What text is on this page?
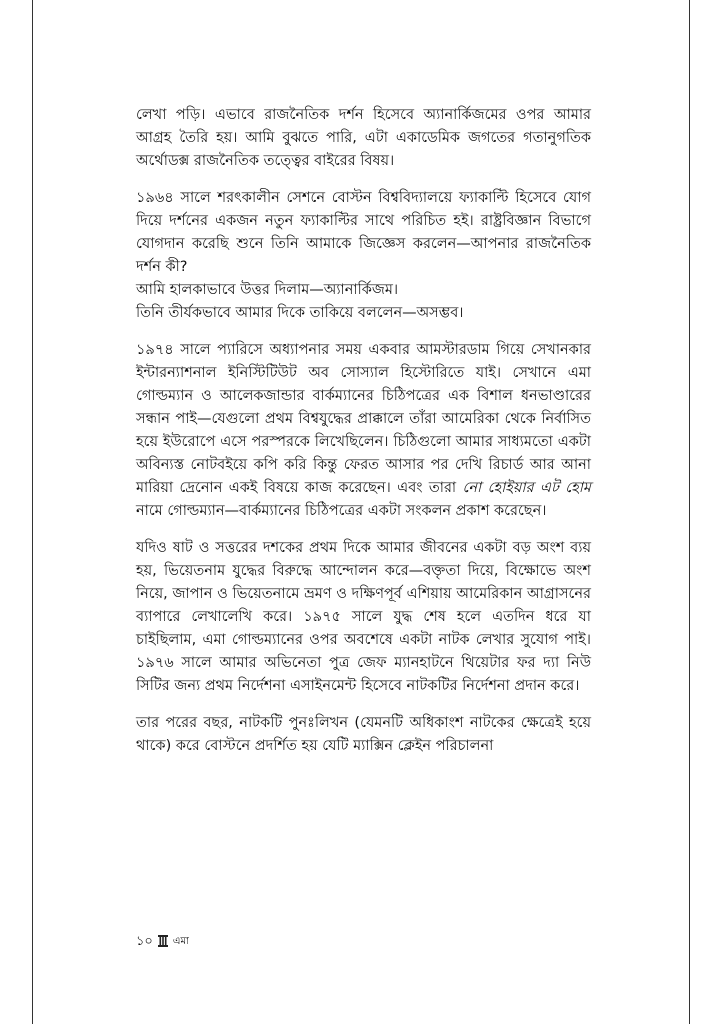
লেখা পড়ি। এভাবে রাজনৈতিক দর্শন হিসেবে অ্যানার্কিজমের ওপর আমার আগ্রহ তৈরি হয়। আমি বুঝতে পারি, এটা একাডেমিক জগতের গতানুগতিক অর্থোডক্স রাজনৈতিক তত্ত্বের বাইরের বিষয়।

১৯৬৪ সালে শরৎকালীন সেশনে বোস্টন বিশ্ববিদ্যালয়ে ফ্যাকাল্টি হিসেবে যোগ দিয়ে দর্শনের একজন নতুন ফ্যাকাল্টির সাথে পরিচিত হই। রাষ্ট্রবিজ্ঞান বিভাগে যোগদান করেছি শুনে তিনি আমাকে জিজ্ঞেস করলেন—আপনার রাজনৈতিক দর্শন কী?

আমি হালকাভাবে উত্তর দিলাম—অ্যানার্কিজম।

তিনি তীর্যকভাবে আমার দিকে তাকিয়ে বললেন—অসম্ভব।

১৯৭৪ সালে প্যারিসে অধ্যাপনার সময় একবার আমস্টারডাম গিয়ে সেখানকার ইন্টারন্যাশনাল ইনিস্টিটিউট অব সোস্যাল হিস্টোরিতে যাই। সেখানে এমা গোল্ডম্যান ও আলেকজান্ডার বার্কম্যানের চিঠিপত্রের এক বিশাল ধনভাণ্ডারের সন্ধান পাই—যেগুলো প্রথম বিশ্বযুদ্ধের প্রাক্কালে তাঁরা আমেরিকা থেকে নির্বাসিত হয়ে ইউরোপে এসে পরস্পরকে লিখেছিলেন। চিঠিগুলো আমার সাধ্যমতো একটা অবিন্যস্ত নোটবইয়ে কপি করি কিন্তু ফেরত আসার পর দেখি রিচার্ড আর আনা মারিয়া দ্রেনোন একই বিষয়ে কাজ করেছেন। এবং তারা নো হোইয়ার এট হোম নামে গোল্ডম্যান—বার্কম্যানের চিঠিপত্রের একটা সংকলন প্রকাশ করেছেন।

যদিও ষাট ও সত্তরের দশকের প্রথম দিকে আমার জীবনের একটা বড় অংশ ব্যয় হয়, ভিয়েতনাম যুদ্ধের বিরুদ্ধে আন্দোলন করে—বক্তৃতা দিয়ে, বিক্ষোভে অংশ নিয়ে, জাপান ও ভিয়েতনামে ভ্রমণ ও দক্ষিণপূর্ব এশিয়ায় আমেরিকান আগ্রাসনের ব্যাপারে লেখালেখি করে। ১৯৭৫ সালে যুদ্ধ শেষ হলে এতদিন ধরে যা চাইছিলাম, এমা গোল্ডম্যানের ওপর অবশেষে একটা নাটক লেখার সুযোগ পাই। ১৯৭৬ সালে আমার অভিনেতা পুত্র জেফ ম্যানহাটনে থিয়েটার ফর দ্যা নিউ সিটির জন্য প্রথম নির্দেশনা এসাইনমেন্ট হিসেবে নাটকটির নির্দেশনা প্রদান করে।

তার পরের বছর, নাটকটি পুনঃলিখন (যেমনটি অধিকাংশ নাটকের ক্ষেত্রেই হয়ে থাকে) করে বোস্টনে প্রদর্শিত হয় যেটি ম্যাক্সিন ক্লেইন পরিচালনা

১০ এমা
